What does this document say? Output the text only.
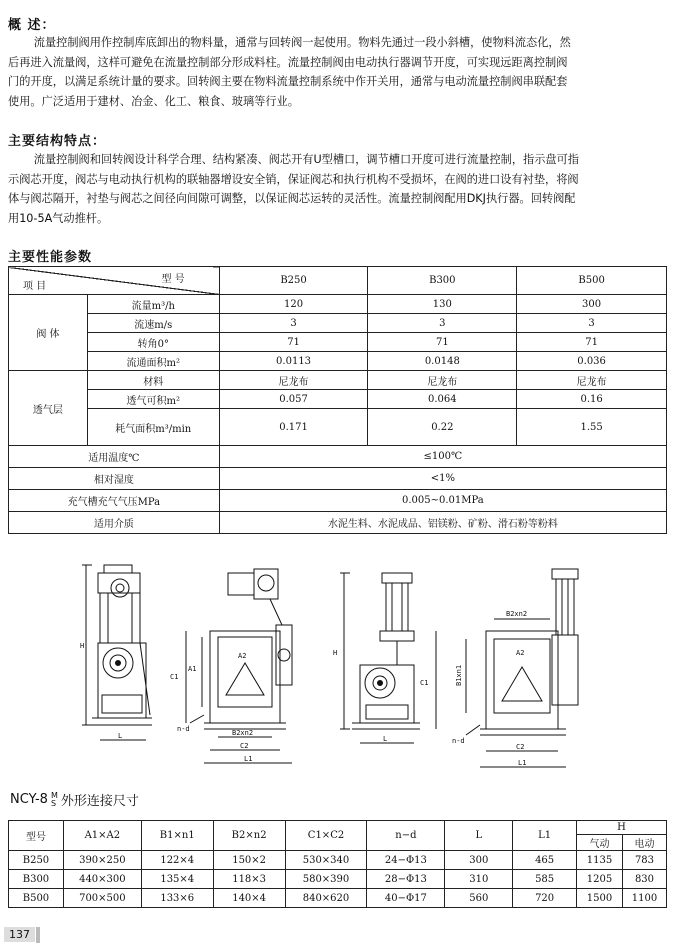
概 述：
流量控制阀用作控制库底卸出的物料量，通常与回转阀一起使用。物料先通过一段小斜槽，使物料流态化，然
后再进入流量阀，这样可避免在流量控制部分形成料柱。流量控制阀由电动执行器调节开度，可实现远距离控制阀
门的开度，以满足系统计量的要求。回转阀主要在物料流量控制系统中作开关用，通常与电动流量控制阀串联配套
使用。广泛适用于建材、冶金、化工、粮食、玻璃等行业。
主要结构特点：
流量控制阀和回转阀设计科学合理、结构紧凑、阀芯开有U型槽口，调节槽口开度可进行流量控制，指示盘可指
示阀芯开度，阀芯与电动执行机构的联轴器增设安全销，保证阀芯和执行机构不受损坏，在阀的进口设有衬垫，将阀
体与阀芯隔开，衬垫与阀芯之间径向间隙可调整，以保证阀芯运转的灵活性。流量控制阀配用DKJ执行器。回转阀配
用10-5A气动推杆。
主要性能参数
型 号
项 目		B250	B300	B500
阀 体	流量m³/h	120	130	300
	流速m/s	3	3	3
	转角0°	71	71	71
	流通面积m²	0.0113	0.0148	0.036
透气层	材料	尼龙布	尼龙布	尼龙布
	透气可积m²	0.057	0.064	0.16
	耗气面积m³/min	0.171	0.22	1.55
适用温度℃		≤100℃		
相对湿度		<1%		
充气槽充气气压MPa		0.005~0.01MPa		
适用介质		水泥生料、水泥成品、铝镁粉、矿粉、滑石粉等粉料		
H
L
C1
A1
A2
B2xn2
C2
L1
n-d
H
L
B2xn2
C1	B1xn1
A2
C2
L1
n-d
NCY-8 M
S 外形连接尺寸
型号	A1×A2	B1×n1	B2×n2	C1×C2	n−d	L	L1	H	
								气动	电动
B250	390×250	122×4	150×2	530×340	24−Φ13	300	465	1135	783
B300	440×300	135×4	118×3	580×390	28−Φ13	310	585	1205	830
B500	700×500	133×6	140×4	840×620	40−Φ17	560	720	1500	1100
137
